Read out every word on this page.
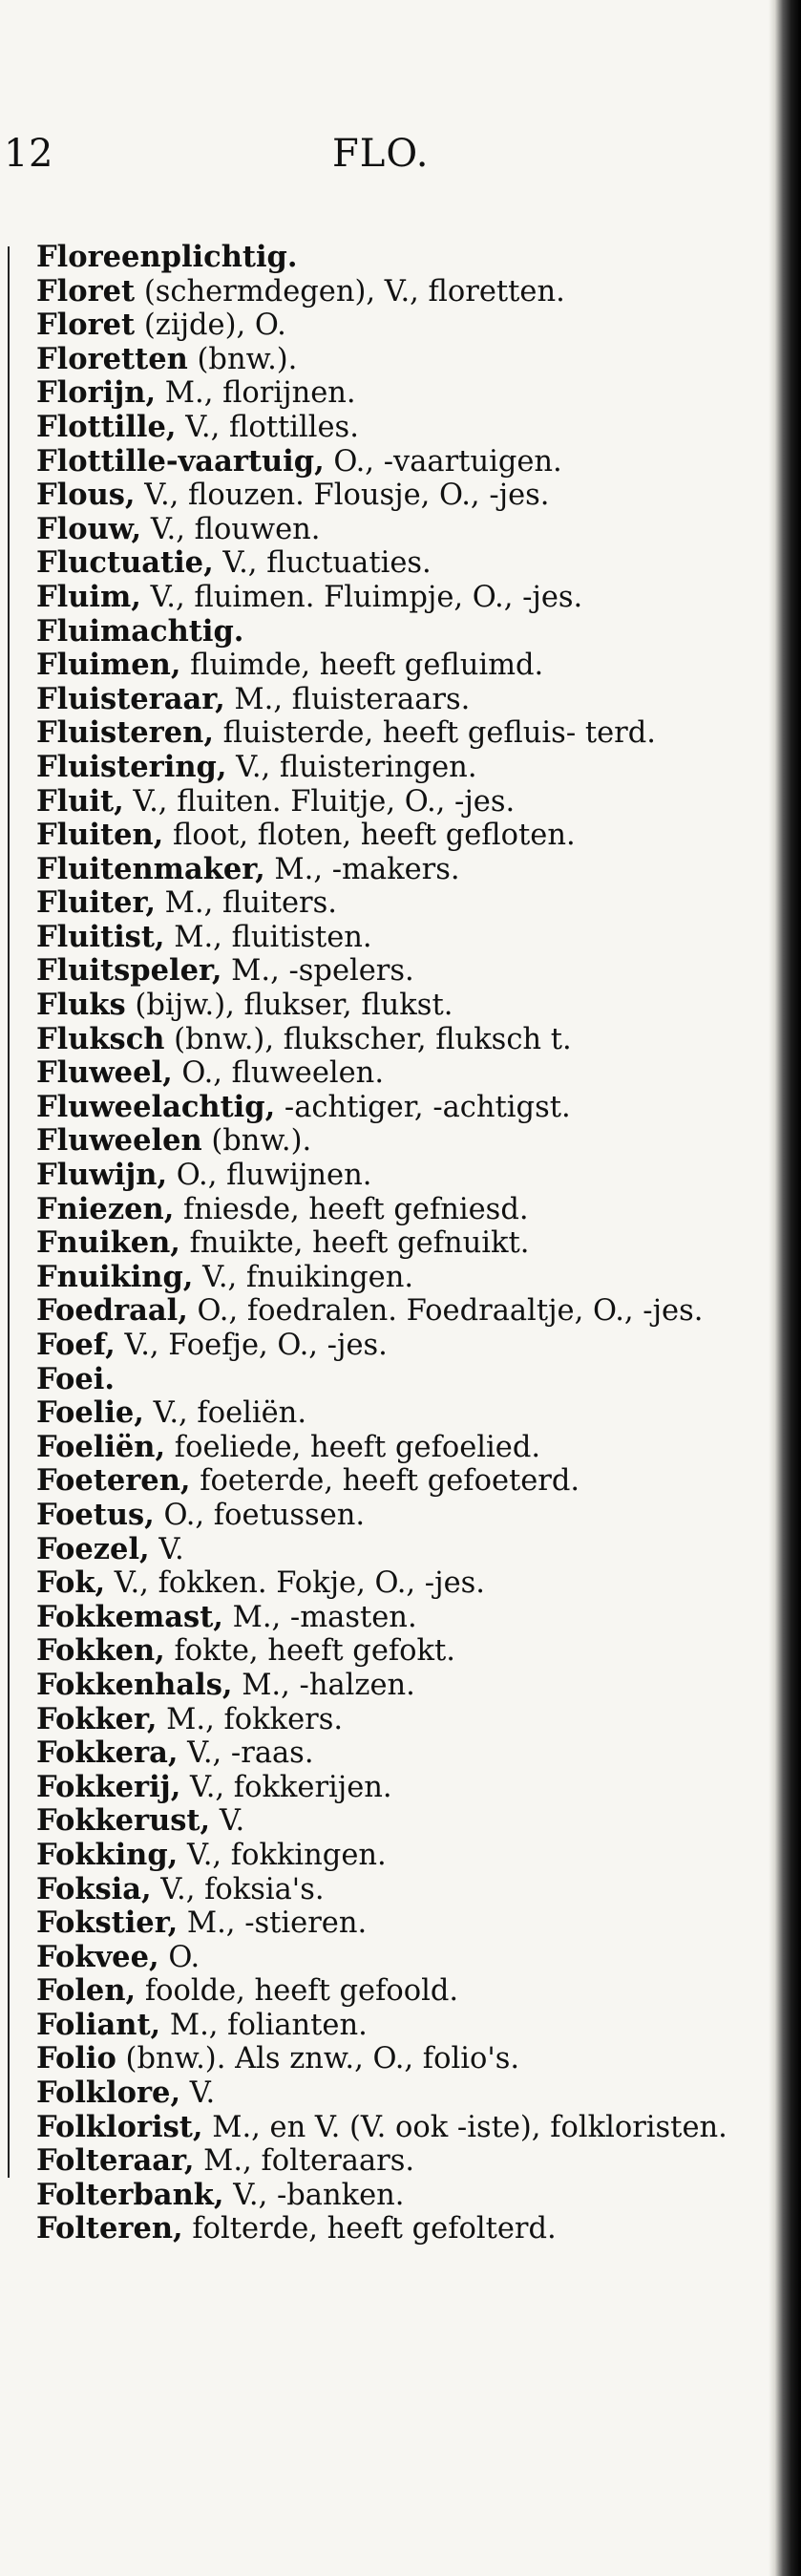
12	FLO.
Floreenplichtig.
Floret (schermdegen), V., floretten.
Floret (zijde), O.
Floretten (bnw.).
Florijn, M., florijnen.
Flottille, V., flottilles.
Flottille-vaartuig, O., -vaartuigen.
Flous, V., flouzen. Flousje, O., -jes.
Flouw, V., flouwen.
Fluctuatie, V., fluctuaties.
Fluim, V., fluimen. Fluimpje, O., -jes.
Fluimachtig.
Fluimen, fluimde, heeft gefluimd.
Fluisteraar, M., fluisteraars.
Fluisteren, fluisterde, heeft gefluis- terd.
Fluistering, V., fluisteringen.
Fluit, V., fluiten. Fluitje, O., -jes.
Fluiten, floot, floten, heeft gefloten.
Fluitenmaker, M., -makers.
Fluiter, M., fluiters.
Fluitist, M., fluitisten.
Fluitspeler, M., -spelers.
Fluks (bijw.), flukser, flukst.
Fluksch (bnw.), flukscher, fluksch t.
Fluweel, O., fluweelen.
Fluweelachtig, -achtiger, -achtigst.
Fluweelen (bnw.).
Fluwijn, O., fluwijnen.
Fniezen, fniesde, heeft gefniesd.
Fnuiken, fnuikte, heeft gefnuikt.
Fnuiking, V., fnuikingen.
Foedraal, O., foedralen. Foedraaltje, O., -jes.
Foef, V., Foefje, O., -jes.
Foei.
Foelie, V., foeliën.
Foeliën, foeliede, heeft gefoelied.
Foeteren, foeterde, heeft gefoeterd.
Foetus, O., foetussen.
Foezel, V.
Fok, V., fokken. Fokje, O., -jes.
Fokkemast, M., -masten.
Fokken, fokte, heeft gefokt.
Fokkenhals, M., -halzen.
Fokker, M., fokkers.
Fokkera, V., -raas.
Fokkerij, V., fokkerijen.
Fokkerust, V.
Fokking, V., fokkingen.
Foksia, V., foksia's.
Fokstier, M., -stieren.
Fokvee, O.
Folen, foolde, heeft gefoold.
Foliant, M., folianten.
Folio (bnw.). Als znw., O., folio's.
Folklore, V.
Folklorist, M., en V. (V. ook -iste), folkloristen.
Folteraar, M., folteraars.
Folterbank, V., -banken.
Folteren, folterde, heeft gefolterd.
